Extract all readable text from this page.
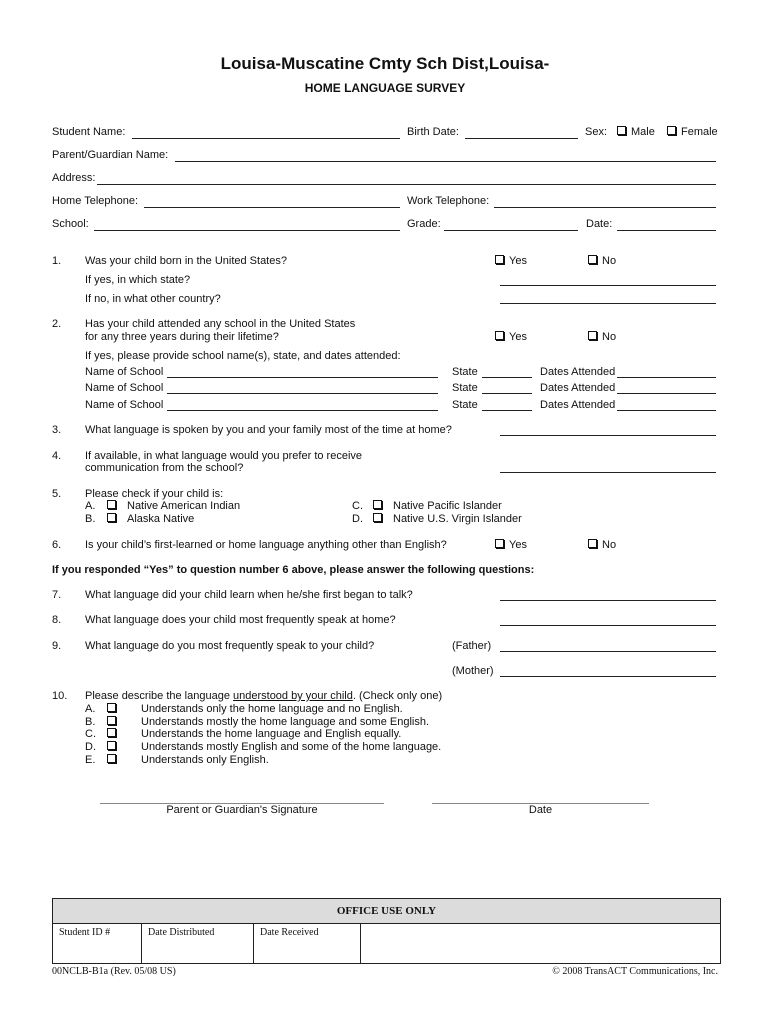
Louisa-Muscatine Cmty Sch Dist,Louisa-
HOME LANGUAGE SURVEY
Student Name:	Birth Date:	Sex:	Male	Female
Parent/Guardian Name:
Address:
Home Telephone:	Work Telephone:
School:	Grade:	Date:
1. Was your child born in the United States?	Yes	No
If yes, in which state?
If no, in what other country?
2. Has your child attended any school in the United States
for any three years during their lifetime?	Yes	No
If yes, please provide school name(s), state, and dates attended:
Name of School	State	Dates Attended
Name of School	State	Dates Attended
Name of School	State	Dates Attended
3. What language is spoken by you and your family most of the time at home?
4. If available, in what language would you prefer to receive
communication from the school?
5. Please check if your child is:
A.	Native American Indian
B.	Alaska Native
C.	Native Pacific Islander
D.	Native U.S. Virgin Islander
6. Is your child’s first-learned or home language anything other than English?	Yes	No
If you responded “Yes” to question number 6 above, please answer the following questions:
7. What language did your child learn when he/she first began to talk?
8. What language does your child most frequently speak at home?
9. What language do you most frequently speak to your child?	(Father)
(Mother)
10. Please describe the language understood by your child. (Check only one)
A.	Understands only the home language and no English.
B.	Understands mostly the home language and some English.
C.	Understands the home language and English equally.
D.	Understands mostly English and some of the home language.
E.	Understands only English.
Parent or Guardian's Signature	Date
OFFICE USE ONLY
Student ID #	Date Distributed	Date Received
00NCLB-B1a (Rev. 05/08 US)	© 2008 TransACT Communications, Inc.
